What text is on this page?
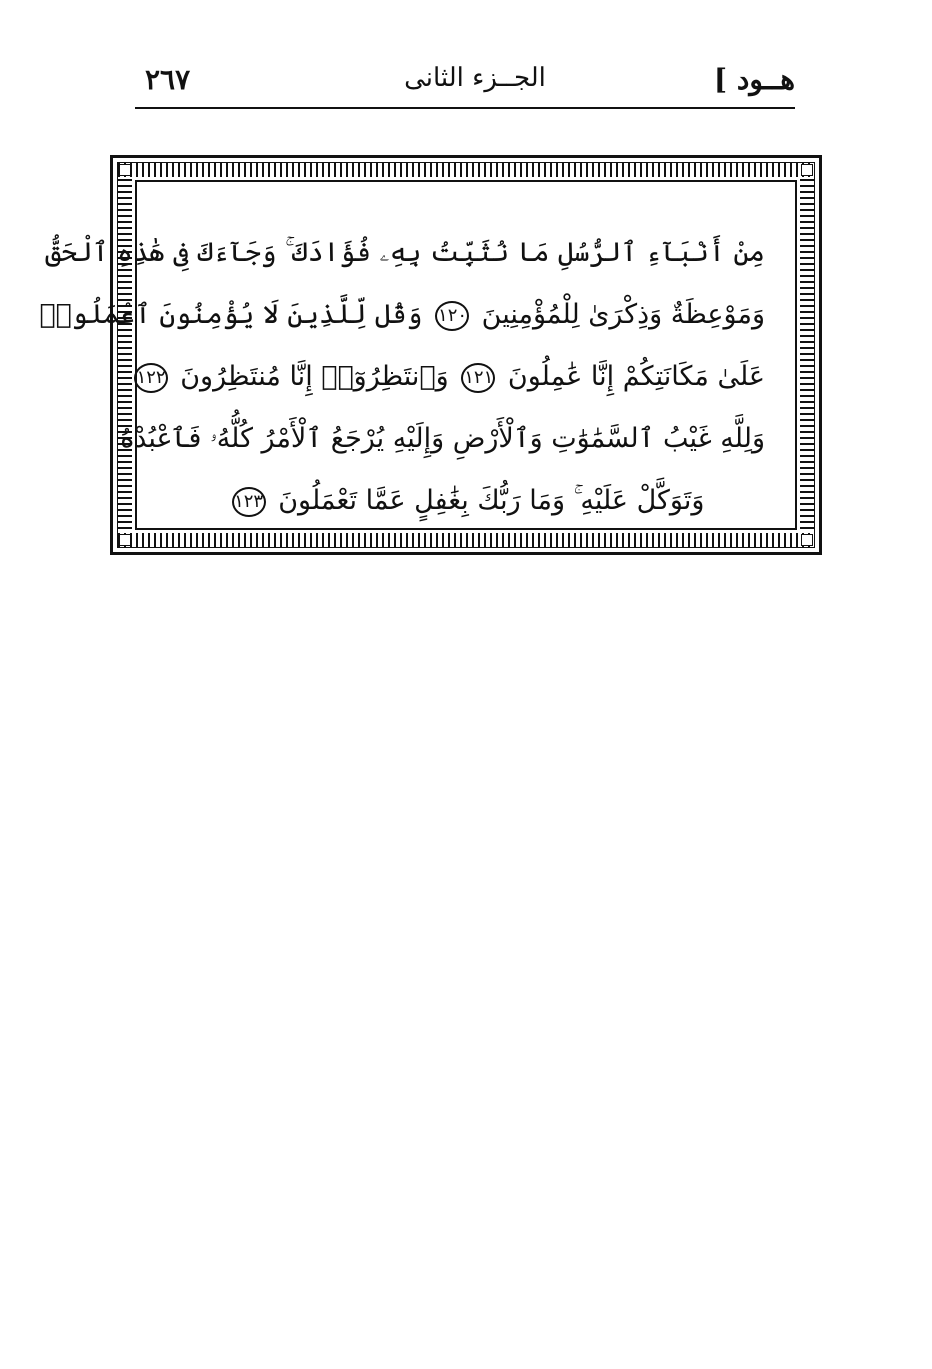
٢٦٧	الجــزء الثانى	هــود ]
مِنْ أَنْبَآءِ ٱلرُّسُلِ مَا نُثَبِّتُ بِهِۦ فُؤَادَكَ ۚ وَجَآءَكَ فِى هَٰذِهِ ٱلْحَقُّ
وَمَوْعِظَةٌ وَذِكْرَىٰ لِلْمُؤْمِنِينَ ١٢٠ وَقُل لِّلَّذِينَ لَا يُؤْمِنُونَ ٱعْمَلُوا۟
عَلَىٰ مَكَانَتِكُمْ إِنَّا عَٰمِلُونَ ١٢١ وَٱنتَظِرُوٓا۟ إِنَّا مُنتَظِرُونَ ١٢٢
وَلِلَّهِ غَيْبُ ٱلسَّمَٰوَٰتِ وَٱلْأَرْضِ وَإِلَيْهِ يُرْجَعُ ٱلْأَمْرُ كُلُّهُۥ فَٱعْبُدْهُ
وَتَوَكَّلْ عَلَيْهِ ۚ وَمَا رَبُّكَ بِغَٰفِلٍ عَمَّا تَعْمَلُونَ ١٢٣
